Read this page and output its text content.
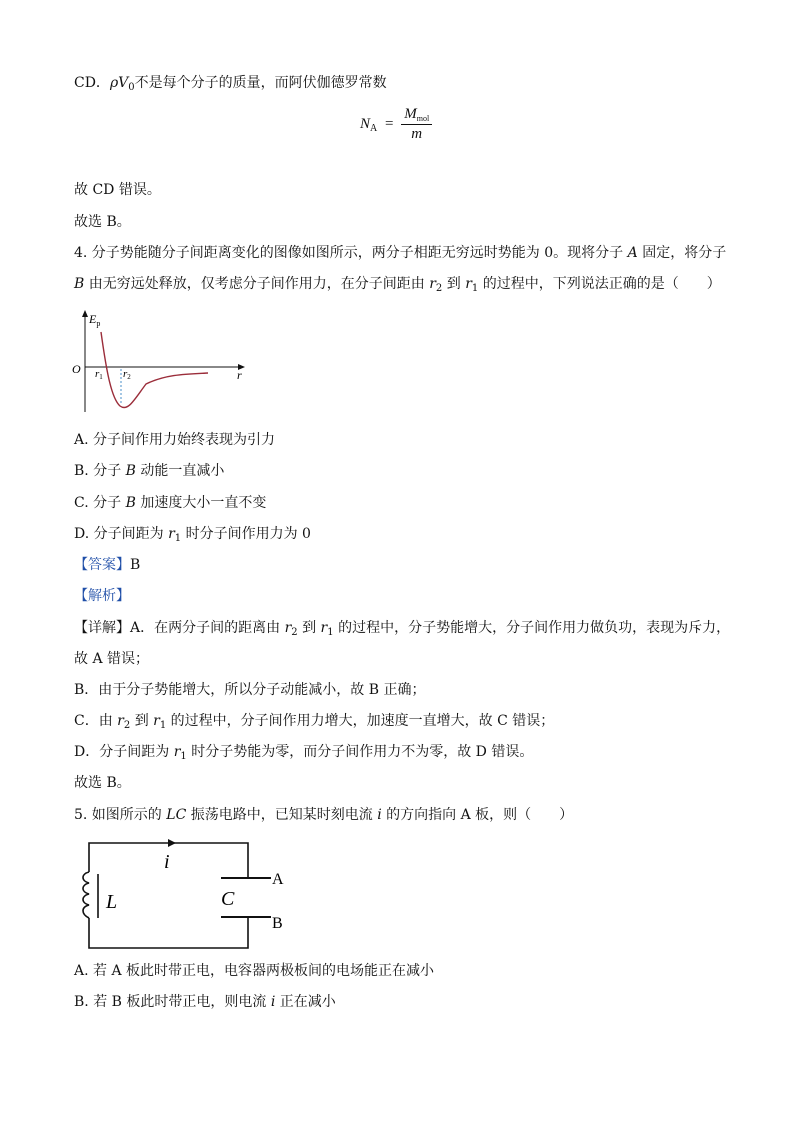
CD．$\rho V_0$不是每个分子的质量，而阿伏伽德罗常数
$N_A$ =
$M_{mol}$
m
故 CD 错误。
故选 B。
4. 分子势能随分子间距离变化的图像如图所示，两分子相距无穷远时势能为 0。现将分子 A 固定，将分子
B 由无穷远处释放，仅考虑分子间作用力，在分子间距由 $r_2$ 到 $r_1$ 的过程中，下列说法正确的是（　　）
$E_p$
O	r
r1 r2
A. 分子间作用力始终表现为引力
B. 分子 B 动能一直减小
C. 分子 B 加速度大小一直不变
D. 分子间距为 $r_1$ 时分子间作用力为 0
【答案】B
【解析】
【详解】A．在两分子间的距离由 $r_2$ 到 $r_1$ 的过程中，分子势能增大，分子间作用力做负功，表现为斥力，
故 A 错误；
B．由于分子势能增大，所以分子动能减小，故 B 正确；
C．由 $r_2$ 到 $r_1$ 的过程中，分子间作用力增大，加速度一直增大，故 C 错误；
D．分子间距为 $r_1$ 时分子势能为零，而分子间作用力不为零，故 D 错误。
故选 B。
5. 如图所示的 LC 振荡电路中，已知某时刻电流 i 的方向指向 A 板，则（　　）
i
L	C
A
B
A. 若 A 板此时带正电，电容器两极板间的电场能正在减小
B. 若 B 板此时带正电，则电流 i 正在减小
